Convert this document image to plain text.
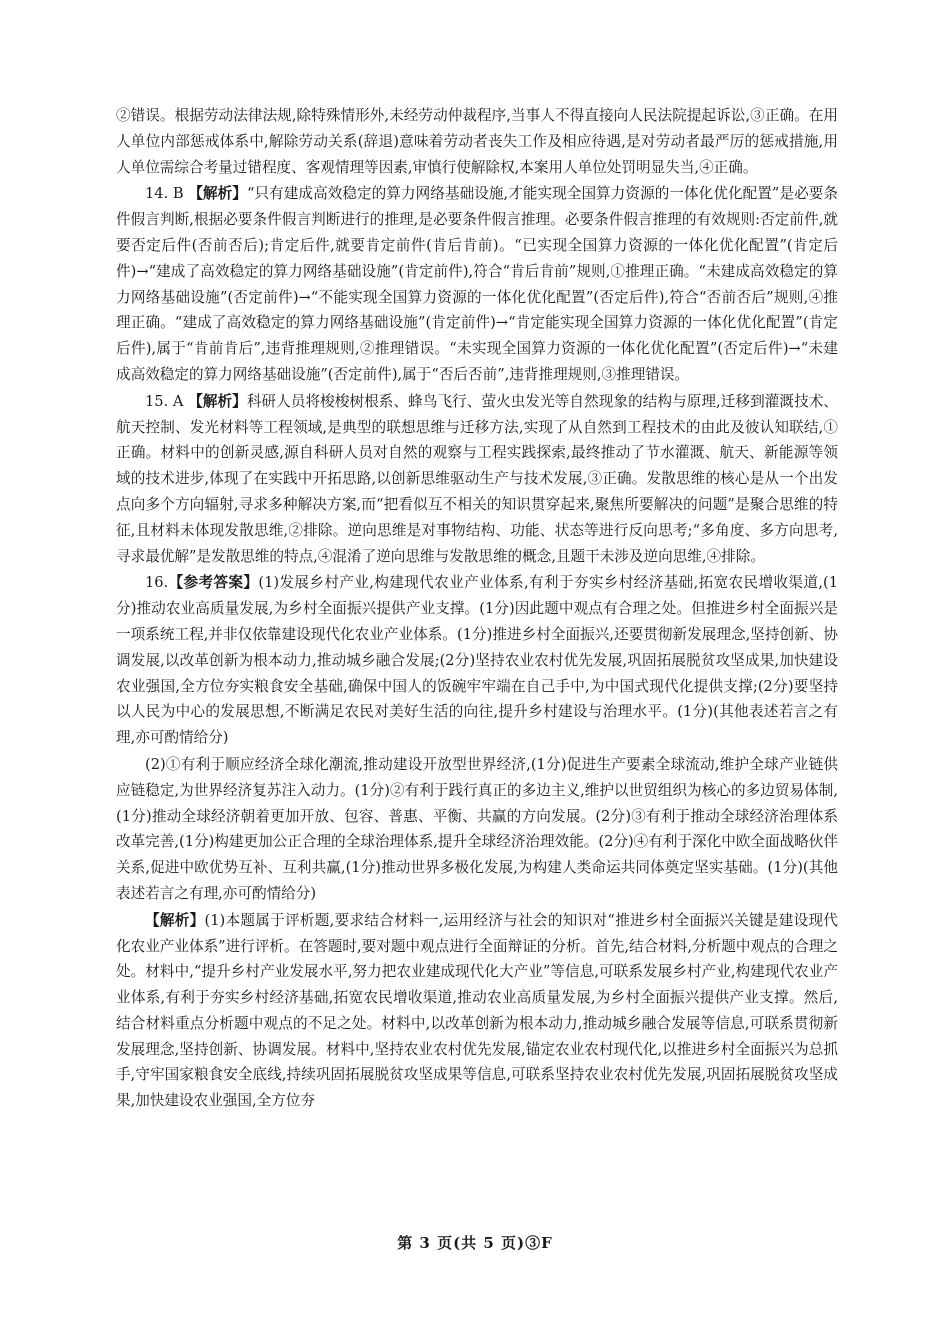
②错误。根据劳动法律法规,除特殊情形外,未经劳动仲裁程序,当事人不得直接向人民法院提起诉讼,③正确。在用人单位内部惩戒体系中,解除劳动关系(辞退)意味着劳动者丧失工作及相应待遇,是对劳动者最严厉的惩戒措施,用人单位需综合考量过错程度、客观情理等因素,审慎行使解除权,本案用人单位处罚明显失当,④正确。

14. B 【解析】“只有建成高效稳定的算力网络基础设施,才能实现全国算力资源的一体化优化配置”是必要条件假言判断,根据必要条件假言判断进行的推理,是必要条件假言推理。必要条件假言推理的有效规则:否定前件,就要否定后件(否前否后);肯定后件,就要肯定前件(肯后肯前)。“已实现全国算力资源的一体化优化配置”(肯定后件)→“建成了高效稳定的算力网络基础设施”(肯定前件),符合“肯后肯前”规则,①推理正确。“未建成高效稳定的算力网络基础设施”(否定前件)→“不能实现全国算力资源的一体化优化配置”(否定后件),符合“否前否后”规则,④推理正确。“建成了高效稳定的算力网络基础设施”(肯定前件)→“肯定能实现全国算力资源的一体化优化配置”(肯定后件),属于“肯前肯后”,违背推理规则,②推理错误。“未实现全国算力资源的一体化优化配置”(否定后件)→“未建成高效稳定的算力网络基础设施”(否定前件),属于“否后否前”,违背推理规则,③推理错误。

15. A 【解析】科研人员将梭梭树根系、蜂鸟飞行、萤火虫发光等自然现象的结构与原理,迁移到灌溉技术、航天控制、发光材料等工程领域,是典型的联想思维与迁移方法,实现了从自然到工程技术的由此及彼认知联结,①正确。材料中的创新灵感,源自科研人员对自然的观察与工程实践探索,最终推动了节水灌溉、航天、新能源等领域的技术进步,体现了在实践中开拓思路,以创新思维驱动生产与技术发展,③正确。发散思维的核心是从一个出发点向多个方向辐射,寻求多种解决方案,而“把看似互不相关的知识贯穿起来,聚焦所要解决的问题”是聚合思维的特征,且材料未体现发散思维,②排除。逆向思维是对事物结构、功能、状态等进行反向思考;“多角度、多方向思考,寻求最优解”是发散思维的特点,④混淆了逆向思维与发散思维的概念,且题干未涉及逆向思维,④排除。

16.【参考答案】(1)发展乡村产业,构建现代农业产业体系,有利于夯实乡村经济基础,拓宽农民增收渠道,(1分)推动农业高质量发展,为乡村全面振兴提供产业支撑。(1分)因此题中观点有合理之处。但推进乡村全面振兴是一项系统工程,并非仅依靠建设现代化农业产业体系。(1分)推进乡村全面振兴,还要贯彻新发展理念,坚持创新、协调发展,以改革创新为根本动力,推动城乡融合发展;(2分)坚持农业农村优先发展,巩固拓展脱贫攻坚成果,加快建设农业强国,全方位夯实粮食安全基础,确保中国人的饭碗牢牢端在自己手中,为中国式现代化提供支撑;(2分)要坚持以人民为中心的发展思想,不断满足农民对美好生活的向往,提升乡村建设与治理水平。(1分)(其他表述若言之有理,亦可酌情给分)

(2)①有利于顺应经济全球化潮流,推动建设开放型世界经济,(1分)促进生产要素全球流动,维护全球产业链供应链稳定,为世界经济复苏注入动力。(1分)②有利于践行真正的多边主义,维护以世贸组织为核心的多边贸易体制,(1分)推动全球经济朝着更加开放、包容、普惠、平衡、共赢的方向发展。(2分)③有利于推动全球经济治理体系改革完善,(1分)构建更加公正合理的全球治理体系,提升全球经济治理效能。(2分)④有利于深化中欧全面战略伙伴关系,促进中欧优势互补、互利共赢,(1分)推动世界多极化发展,为构建人类命运共同体奠定坚实基础。(1分)(其他表述若言之有理,亦可酌情给分)

【解析】(1)本题属于评析题,要求结合材料一,运用经济与社会的知识对“推进乡村全面振兴关键是建设现代化农业产业体系”进行评析。在答题时,要对题中观点进行全面辩证的分析。首先,结合材料,分析题中观点的合理之处。材料中,“提升乡村产业发展水平,努力把农业建成现代化大产业”等信息,可联系发展乡村产业,构建现代农业产业体系,有利于夯实乡村经济基础,拓宽农民增收渠道,推动农业高质量发展,为乡村全面振兴提供产业支撑。然后,结合材料重点分析题中观点的不足之处。材料中,以改革创新为根本动力,推动城乡融合发展等信息,可联系贯彻新发展理念,坚持创新、协调发展。材料中,坚持农业农村优先发展,锚定农业农村现代化,以推进乡村全面振兴为总抓手,守牢国家粮食安全底线,持续巩固拓展脱贫攻坚成果等信息,可联系坚持农业农村优先发展,巩固拓展脱贫攻坚成果,加快建设农业强国,全方位夯

第 3 页(共 5 页)③F
